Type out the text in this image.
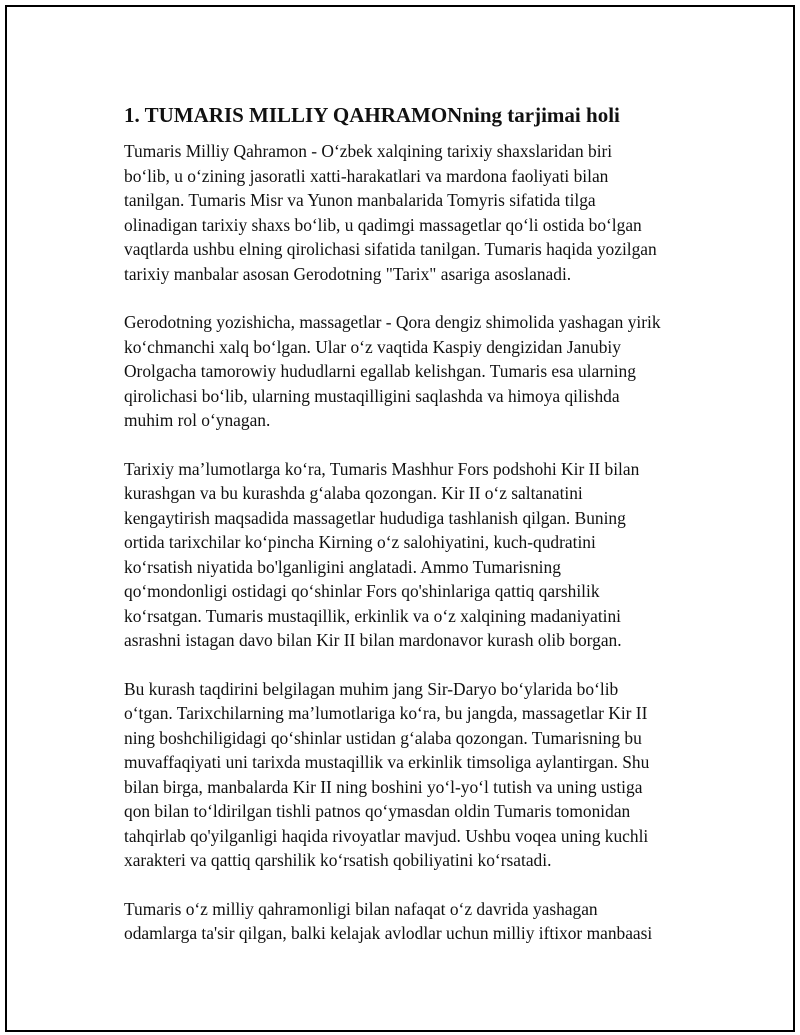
1. TUMARIS MILLIY QAHRAMONning tarjimai holi

Tumaris Milliy Qahramon - O‘zbek xalqining tarixiy shaxslaridan biri
bo‘lib, u o‘zining jasoratli xatti-harakatlari va mardona faoliyati bilan
tanilgan. Tumaris Misr va Yunon manbalarida Tomyris sifatida tilga
olinadigan tarixiy shaxs bo‘lib, u qadimgi massagetlar qo‘li ostida bo‘lgan
vaqtlarda ushbu elning qirolichasi sifatida tanilgan. Tumaris haqida yozilgan
tarixiy manbalar asosan Gerodotning "Tarix" asariga asoslanadi.

Gerodotning yozishicha, massagetlar - Qora dengiz shimolida yashagan yirik
ko‘chmanchi xalq bo‘lgan. Ular o‘z vaqtida Kaspiy dengizidan Janubiy
Orolgacha tamorowiy hududlarni egallab kelishgan. Tumaris esa ularning
qirolichasi bo‘lib, ularning mustaqilligini saqlashda va himoya qilishda
muhim rol o‘ynagan.

Tarixiy ma’lumotlarga ko‘ra, Tumaris Mashhur Fors podshohi Kir II bilan
kurashgan va bu kurashda g‘alaba qozongan. Kir II o‘z saltanatini
kengaytirish maqsadida massagetlar hududiga tashlanish qilgan. Buning
ortida tarixchilar ko‘pincha Kirning o‘z salohiyatini, kuch-qudratini
ko‘rsatish niyatida bo'lganligini anglatadi. Ammo Tumarisning
qo‘mondonligi ostidagi qo‘shinlar Fors qo'shinlariga qattiq qarshilik
ko‘rsatgan. Tumaris mustaqillik, erkinlik va o‘z xalqining madaniyatini
asrashni istagan davo bilan Kir II bilan mardonavor kurash olib borgan.

Bu kurash taqdirini belgilagan muhim jang Sir-Daryo bo‘ylarida bo‘lib
o‘tgan. Tarixchilarning ma’lumotlariga ko‘ra, bu jangda, massagetlar Kir II
ning boshchiligidagi qo‘shinlar ustidan g‘alaba qozongan. Tumarisning bu
muvaffaqiyati uni tarixda mustaqillik va erkinlik timsoliga aylantirgan. Shu
bilan birga, manbalarda Kir II ning boshini yo‘l-yo‘l tutish va uning ustiga
qon bilan to‘ldirilgan tishli patnos qo‘ymasdan oldin Tumaris tomonidan
tahqirlab qo'yilganligi haqida rivoyatlar mavjud. Ushbu voqea uning kuchli
xarakteri va qattiq qarshilik ko‘rsatish qobiliyatini ko‘rsatadi.

Tumaris o‘z milliy qahramonligi bilan nafaqat o‘z davrida yashagan
odamlarga ta'sir qilgan, balki kelajak avlodlar uchun milliy iftixor manbaasi
